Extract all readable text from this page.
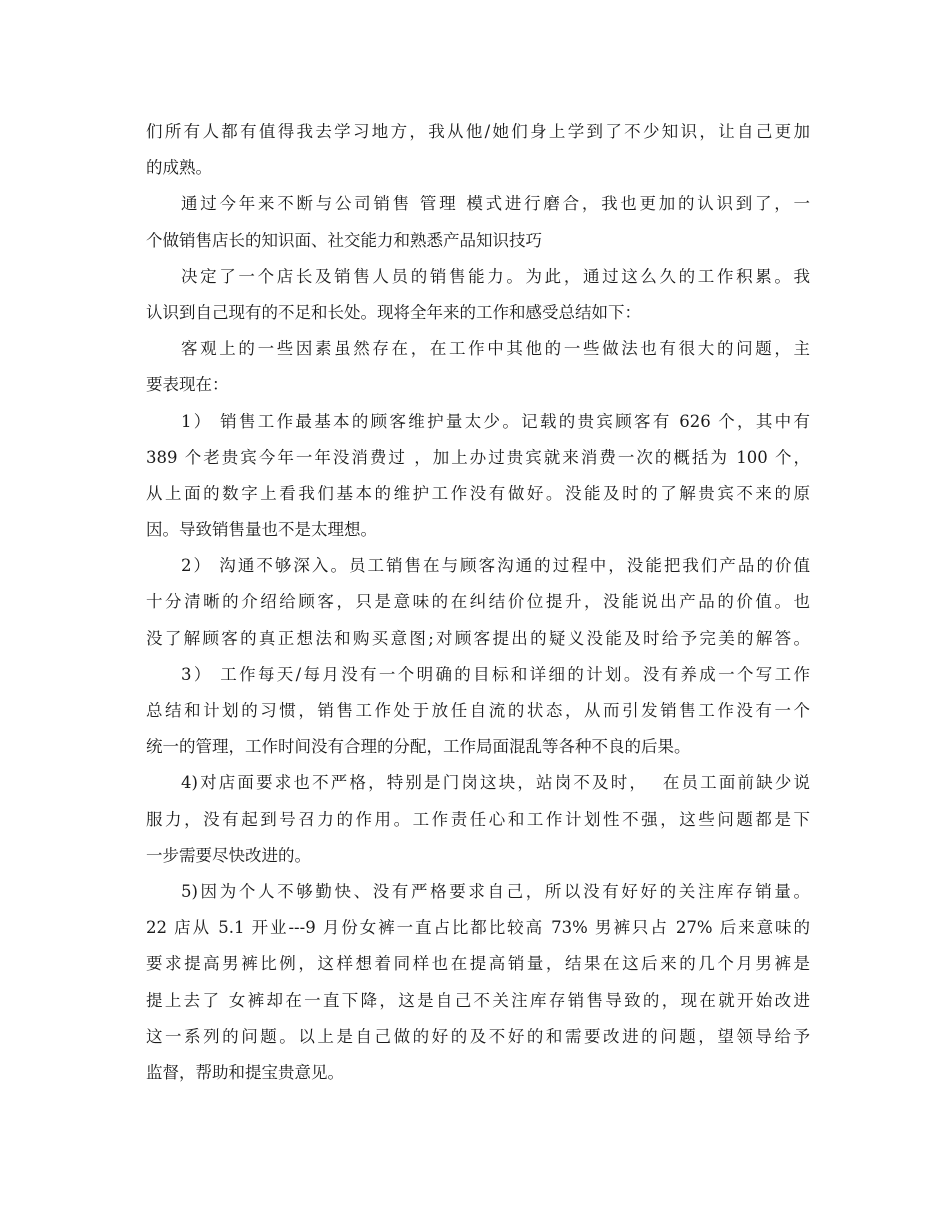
们所有人都有值得我去学习地方，我从他/她们身上学到了不少知识，让自己更加
的成熟。
通过今年来不断与公司销售 管理 模式进行磨合，我也更加的认识到了，一
个做销售店长的知识面、社交能力和熟悉产品知识技巧
决定了一个店长及销售人员的销售能力。为此，通过这么久的工作积累。我
认识到自己现有的不足和长处。现将全年来的工作和感受总结如下：
客观上的一些因素虽然存在，在工作中其他的一些做法也有很大的问题，主
要表现在：
1） 销售工作最基本的顾客维护量太少。记载的贵宾顾客有 626 个，其中有
389 个老贵宾今年一年没消费过 ，加上办过贵宾就来消费一次的概括为 100 个，
从上面的数字上看我们基本的维护工作没有做好。没能及时的了解贵宾不来的原
因。导致销售量也不是太理想。
2） 沟通不够深入。员工销售在与顾客沟通的过程中，没能把我们产品的价值
十分清晰的介绍给顾客，只是意味的在纠结价位提升，没能说出产品的价值。也
没了解顾客的真正想法和购买意图;对顾客提出的疑义没能及时给予完美的解答。
3） 工作每天/每月没有一个明确的目标和详细的计划。没有养成一个写工作
总结和计划的习惯，销售工作处于放任自流的状态，从而引发销售工作没有一个
统一的管理，工作时间没有合理的分配，工作局面混乱等各种不良的后果。
4)对店面要求也不严格，特别是门岗这块，站岗不及时，  在员工面前缺少说
服力，没有起到号召力的作用。工作责任心和工作计划性不强，这些问题都是下
一步需要尽快改进的。
5)因为个人不够勤快、没有严格要求自己，所以没有好好的关注库存销量。
22 店从 5.1 开业---9 月份女裤一直占比都比较高 73% 男裤只占 27% 后来意味的
要求提高男裤比例，这样想着同样也在提高销量，结果在这后来的几个月男裤是
提上去了 女裤却在一直下降，这是自己不关注库存销售导致的，现在就开始改进
这一系列的问题。以上是自己做的好的及不好的和需要改进的问题，望领导给予
监督，帮助和提宝贵意见。
